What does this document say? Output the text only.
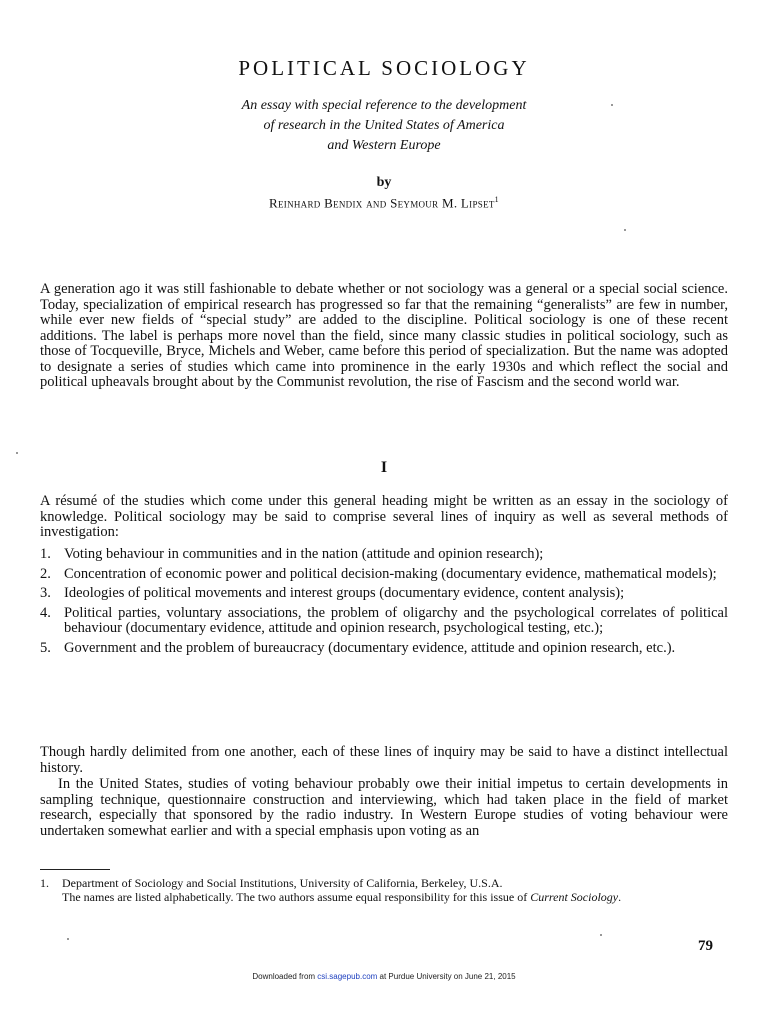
POLITICAL SOCIOLOGY
An essay with special reference to the development
of research in the United States of America
and Western Europe
by
Reinhard Bendix and Seymour M. Lipset$^1$

A generation ago it was still fashionable to debate whether or not sociology was a general or a special social science. Today, specialization of empirical research has progressed so far that the remaining “generalists” are few in number, while ever new fields of “special study” are added to the discipline. Political sociology is one of these recent additions. The label is perhaps more novel than the field, since many classic studies in political sociology, such as those of Tocqueville, Bryce, Michels and Weber, came before this period of specialization. But the name was adopted to designate a series of studies which came into prominence in the early 1930s and which reflect the social and political upheavals brought about by the Communist revolution, the rise of Fascism and the second world war.

I

A résumé of the studies which come under this general heading might be written as an essay in the sociology of knowledge. Political sociology may be said to comprise several lines of inquiry as well as several methods of investigation:

1. Voting behaviour in communities and in the nation (attitude and opinion research);
2. Concentration of economic power and political decision-making (documentary evidence, mathematical models);
3. Ideologies of political movements and interest groups (documentary evidence, content analysis);
4. Political parties, voluntary associations, the problem of oligarchy and the psychological correlates of political behaviour (documentary evidence, attitude and opinion research, psychological testing, etc.);
5. Government and the problem of bureaucracy (documentary evidence, attitude and opinion research, etc.).

Though hardly delimited from one another, each of these lines of inquiry may be said to have a distinct intellectual history.

In the United States, studies of voting behaviour probably owe their initial impetus to certain developments in sampling technique, questionnaire construction and interviewing, which had taken place in the field of market research, especially that sponsored by the radio industry. In Western Europe studies of voting behaviour were undertaken somewhat earlier and with a special emphasis upon voting as an

1. Department of Sociology and Social Institutions, University of California, Berkeley, U.S.A.
The names are listed alphabetically. The two authors assume equal responsibility for this issue of Current Sociology.
79
Downloaded from csi.sagepub.com at Purdue University on June 21, 2015
